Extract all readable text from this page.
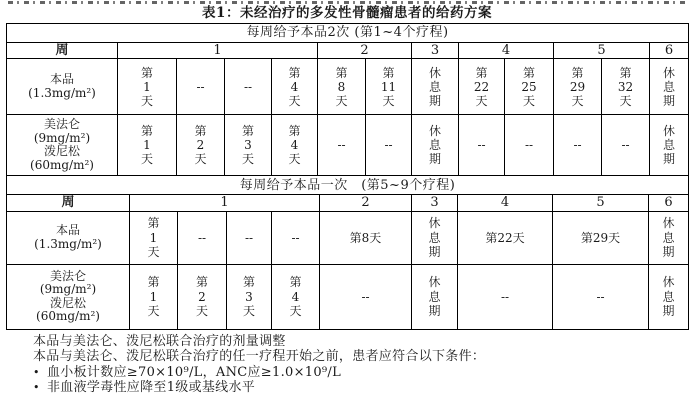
表1：未经治疗的多发性骨髓瘤患者的给药方案
每周给予本品2次 (第1~4个疗程)												
周	1				2		3	4		5		6

本品
(1.3mg/m²)	第
1
天	--	--	第
4
天	第
8
天	第
11
天	休
息
期	第
22
天	第
25
天	第
29
天	第
32
天	休
息
期

美法仑
(9mg/m²)
泼尼松
(60mg/m²)	第
1
天	第
2
天	第
3
天	第
4
天	--	--	休
息
期	--	--	--	--	休
息
期
每周给予本品一次　(第5~9个疗程)									
周	1				2	3	4	5	6

本品
(1.3mg/m²)	第
1
天	--	--	--	第8天	休
息
期	第22天	第29天	休
息
期

美法仑
(9mg/m²)
泼尼松
(60mg/m²)	第
1
天	第
2
天	第
3
天	第
4
天	--	休
息
期	--	--	休
息
期
本品与美法仑、泼尼松联合治疗的剂量调整
本品与美法仑、泼尼松联合治疗的任一疗程开始之前，患者应符合以下条件：
• 血小板计数应≥70×10⁹/L，ANC应≥1.0×10⁹/L
• 非血液学毒性应降至1级或基线水平
